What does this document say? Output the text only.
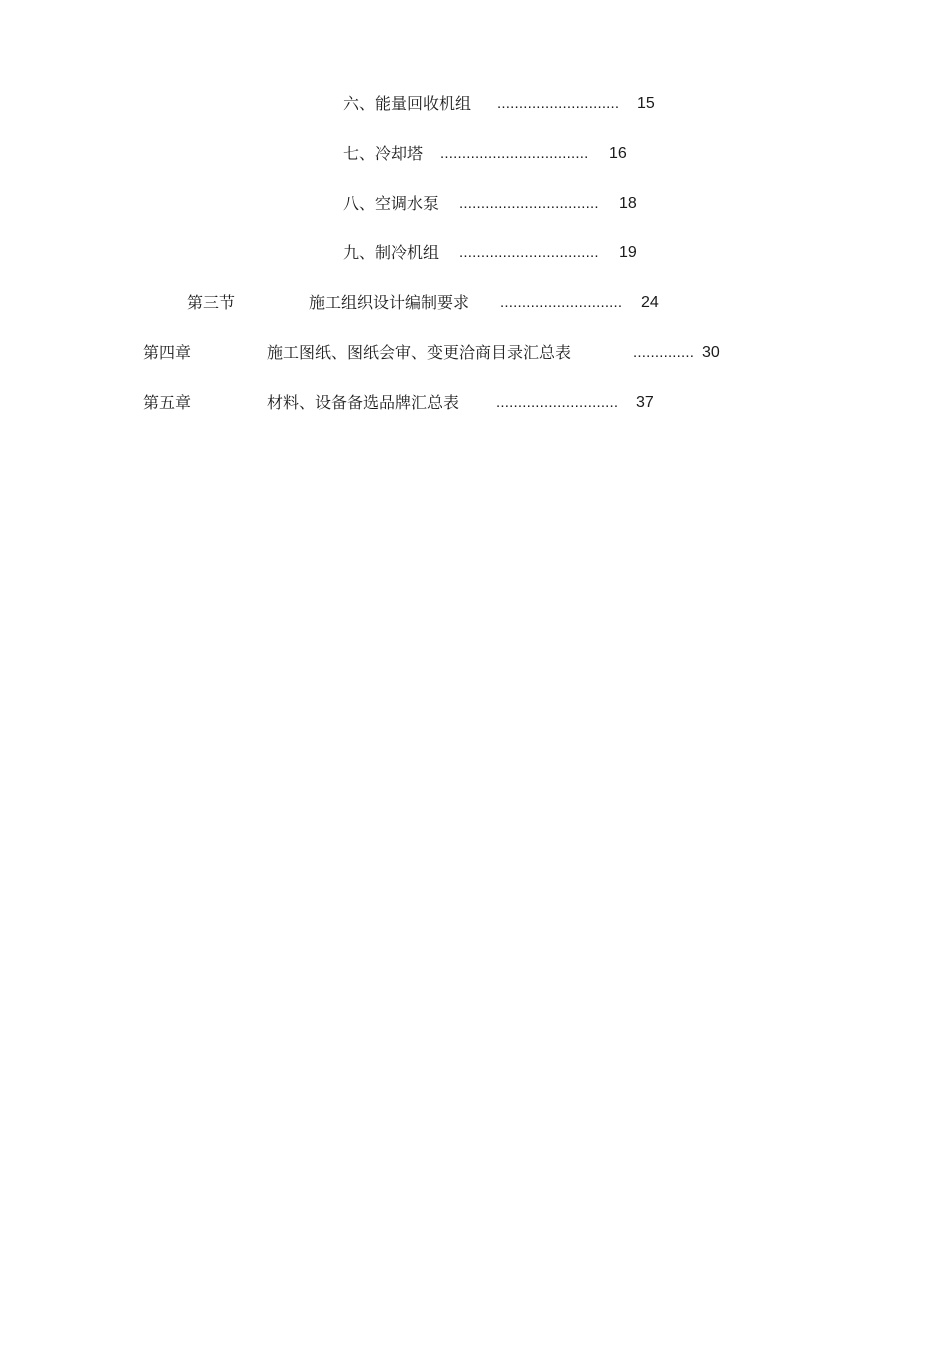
六、能量回收机组 ............................ 15
七、冷却塔 .................................. 16
八、空调水泵 ................................ 18
九、制冷机组 ................................ 19
第三节	施工组织设计编制要求 ............................ 24
第四章	施工图纸、图纸会审、变更洽商目录汇总表	.............. 30
第五章	材料、设备备选品牌汇总表 ............................ 37
